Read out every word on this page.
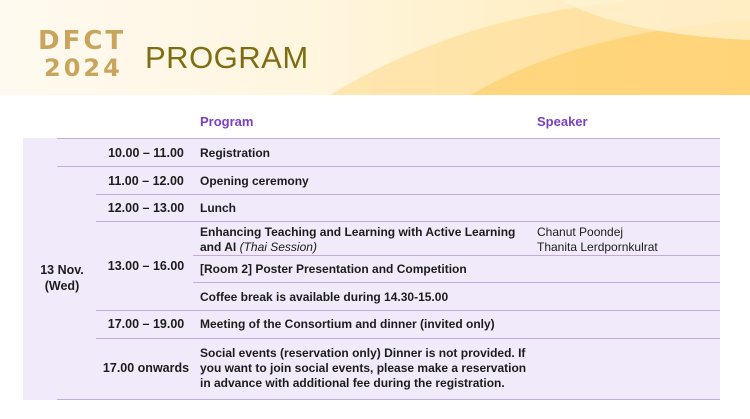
DFCT
2024 PROGRAM
Program	Speaker
13 Nov.
(Wed)
10.00 – 11.00
11.00 – 12.00
12.00 – 13.00
13.00 – 16.00
17.00 – 19.00
17.00 onwards
Registration
Opening ceremony
Lunch
Enhancing Teaching and Learning with Active Learning and AI (Thai Session)
[Room 2] Poster Presentation and Competition
Coffee break is available during 14.30-15.00
Meeting of the Consortium and dinner (invited only)
Social events (reservation only) Dinner is not provided. If you want to join social events, please make a reservation in advance with additional fee during the registration.
Chanut Poondej
Thanita Lerdpornkulrat
